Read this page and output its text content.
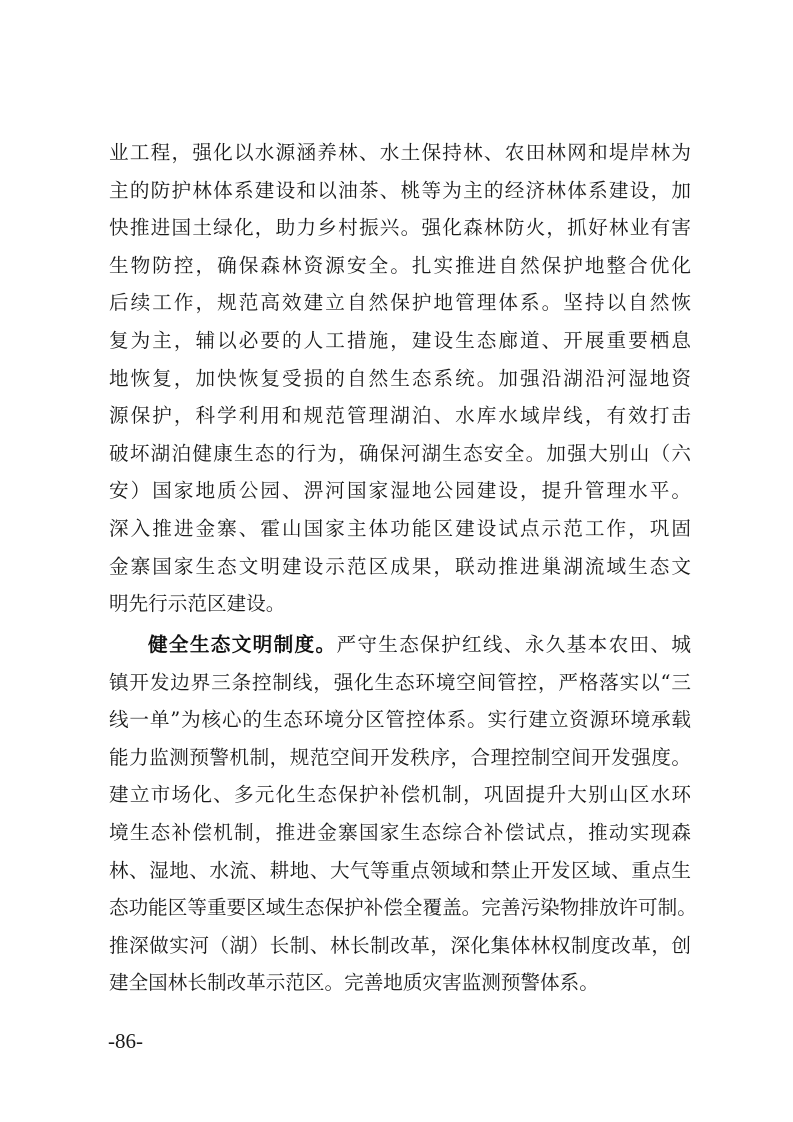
业工程，强化以水源涵养林、水土保持林、农田林网和堤岸林为
主的防护林体系建设和以油茶、桃等为主的经济林体系建设，加
快推进国土绿化，助力乡村振兴。强化森林防火，抓好林业有害
生物防控，确保森林资源安全。扎实推进自然保护地整合优化
后续工作，规范高效建立自然保护地管理体系。坚持以自然恢
复为主，辅以必要的人工措施，建设生态廊道、开展重要栖息
地恢复，加快恢复受损的自然生态系统。加强沿湖沿河湿地资
源保护，科学利用和规范管理湖泊、水库水域岸线，有效打击
破坏湖泊健康生态的行为，确保河湖生态安全。加强大别山（六
安）国家地质公园、淠河国家湿地公园建设，提升管理水平。
深入推进金寨、霍山国家主体功能区建设试点示范工作，巩固
金寨国家生态文明建设示范区成果，联动推进巢湖流域生态文
明先行示范区建设。
健全生态文明制度。严守生态保护红线、永久基本农田、城
镇开发边界三条控制线，强化生态环境空间管控，严格落实以“三
线一单”为核心的生态环境分区管控体系。实行建立资源环境承载
能力监测预警机制，规范空间开发秩序，合理控制空间开发强度。
建立市场化、多元化生态保护补偿机制，巩固提升大别山区水环
境生态补偿机制，推进金寨国家生态综合补偿试点，推动实现森
林、湿地、水流、耕地、大气等重点领域和禁止开发区域、重点生
态功能区等重要区域生态保护补偿全覆盖。完善污染物排放许可制。
推深做实河（湖）长制、林长制改革，深化集体林权制度改革，创
建全国林长制改革示范区。完善地质灾害监测预警体系。
-86-
